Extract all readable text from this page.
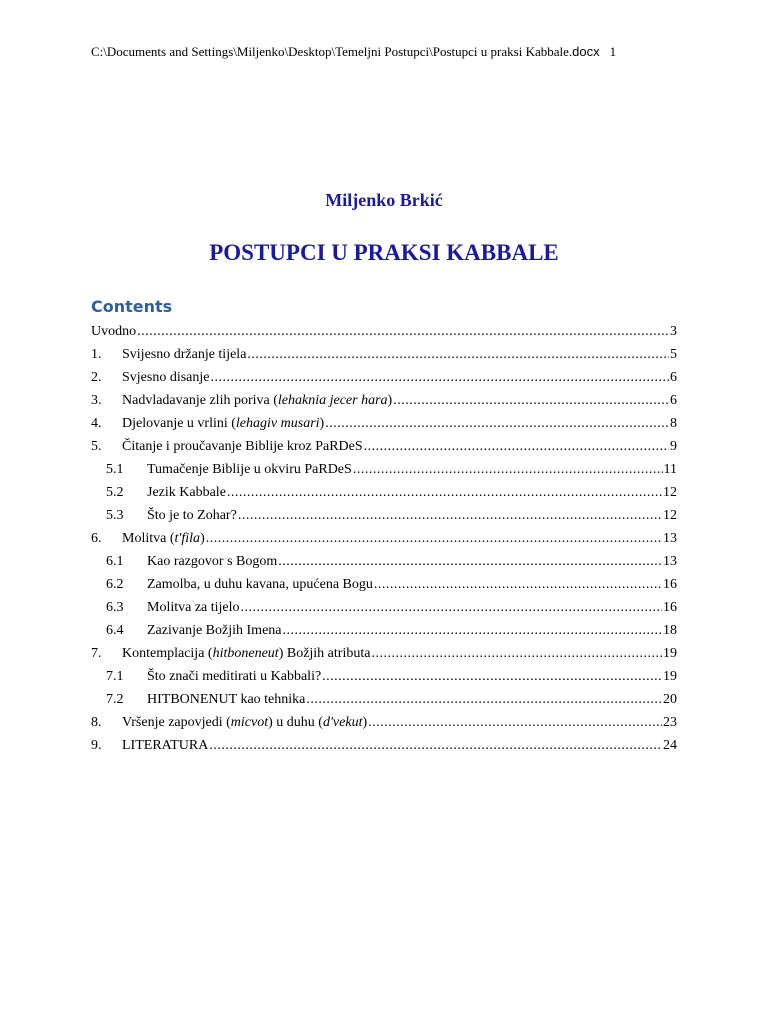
C:\Documents and Settings\Miljenko\Desktop\Temeljni Postupci\Postupci u praksi Kabbale.docx 1
Miljenko Brkić
POSTUPCI U PRAKSI KABBALE
Contents
Uvodno .....	3
1.	Svijesno držanje tijela .....	5
2.	Svjesno disanje .....	6
3.	Nadvladavanje zlih poriva (lehaknia jecer hara) .....	6
4.	Djelovanje u vrlini (lehagiv musari) .....	8
5.	Čitanje i proučavanje Biblije kroz PaRDeS .....	9
5.1	Tumačenje Biblije u okviru PaRDeS .....	11
5.2	Jezik Kabbale .....	12
5.3	Što je to Zohar? .....	12
6.	Molitva (t'fila) .....	13
6.1	Kao razgovor s Bogom .....	13
6.2	Zamolba, u duhu kavana, upućena Bogu .....	16
6.3	Molitva za tijelo .....	16
6.4	Zazivanje Božjih Imena .....	18
7.	Kontemplacija (hitboneneut) Božjih atributa .....	19
7.1	Što znači meditirati u Kabbali? .....	19
7.2	HITBONENUT kao tehnika .....	20
8.	Vršenje zapovjedi (micvot) u duhu (d'vekut) .....	23
9.	LITERATURA .....	24
